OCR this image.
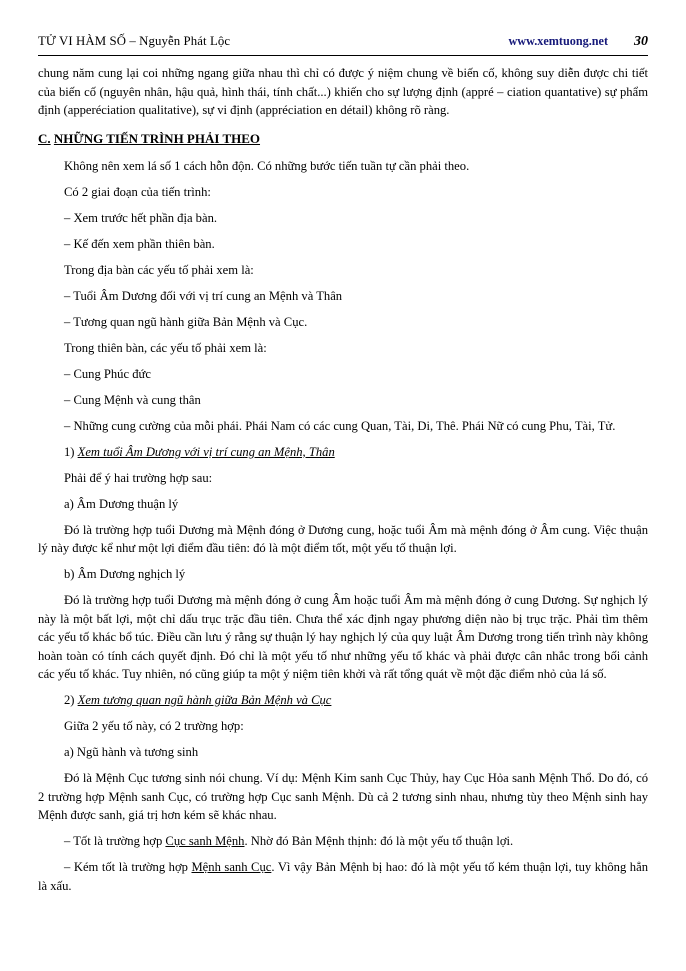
TỬ VI HÀM SỐ – Nguyễn Phát Lộc	www.xemtuong.net 30

chung năm cung lại coi những ngang giữa nhau thì chỉ có được ý niệm chung về biến cố, không suy diễn được chi tiết của biến cố (nguyên nhân, hậu quả, hình thái, tính chất...) khiến cho sự lượng định (appré – ciation quantative) sự phẩm định (apperéciation qualitative), sự vi định (appréciation en détail) không rõ ràng.

C. NHỮNG TIẾN TRÌNH PHẢI THEO

Không nên xem lá số 1 cách hỗn độn. Có những bước tiến tuần tự cần phải theo.

Có 2 giai đoạn của tiến trình:

– Xem trước hết phần địa bàn.

– Kế đến xem phần thiên bàn.

Trong địa bàn các yếu tố phải xem là:

– Tuổi Âm Dương đối với vị trí cung an Mệnh và Thân

– Tương quan ngũ hành giữa Bản Mệnh và Cục.

Trong thiên bàn, các yếu tố phải xem là:

– Cung Phúc đức

– Cung Mệnh và cung thân

– Những cung cường của mỗi phái. Phái Nam có các cung Quan, Tài, Di, Thê. Phái Nữ có cung Phu, Tài, Tử.

1) Xem tuổi Âm Dương với vị trí cung an Mệnh, Thân

Phải để ý hai trường hợp sau:

a) Âm Dương thuận lý

Đó là trường hợp tuổi Dương mà Mệnh đóng ở Dương cung, hoặc tuổi Âm mà mệnh đóng ở Âm cung. Việc thuận lý này được kể như một lợi điểm đầu tiên: đó là một điểm tốt, một yếu tố thuận lợi.

b) Âm Dương nghịch lý

Đó là trường hợp tuổi Dương mà mệnh đóng ở cung Âm hoặc tuổi Âm mà mệnh đóng ở cung Dương. Sự nghịch lý này là một bất lợi, một chỉ dấu trục trặc đầu tiên. Chưa thể xác định ngay phương diện nào bị trục trặc. Phải tìm thêm các yếu tố khác bổ túc. Điều cần lưu ý rằng sự thuận lý hay nghịch lý của quy luật Âm Dương trong tiến trình này không hoàn toàn có tính cách quyết định. Đó chỉ là một yếu tố như những yếu tố khác và phải được cân nhắc trong bối cảnh các yếu tố khác. Tuy nhiên, nó cũng giúp ta một ý niệm tiên khởi và rất tổng quát về một đặc điểm nhỏ của lá số.

2) Xem tương quan ngũ hành giữa Bản Mệnh và Cục

Giữa 2 yếu tố này, có 2 trường hợp:

a) Ngũ hành và tương sinh

Đó là Mệnh Cục tương sinh nói chung. Ví dụ: Mệnh Kim sanh Cục Thủy, hay Cục Hỏa sanh Mệnh Thổ. Do đó, có 2 trường hợp Mệnh sanh Cục, có trường hợp Cục sanh Mệnh. Dù cả 2 tương sinh nhau, nhưng tùy theo Mệnh sinh hay Mệnh được sanh, giá trị hơn kém sẽ khác nhau.

– Tốt là trường hợp Cục sanh Mệnh. Nhờ đó Bản Mệnh thịnh: đó là một yếu tố thuận lợi.

– Kém tốt là trường hợp Mệnh sanh Cục. Vì vậy Bản Mệnh bị hao: đó là một yếu tố kém thuận lợi, tuy không hẳn là xấu.
